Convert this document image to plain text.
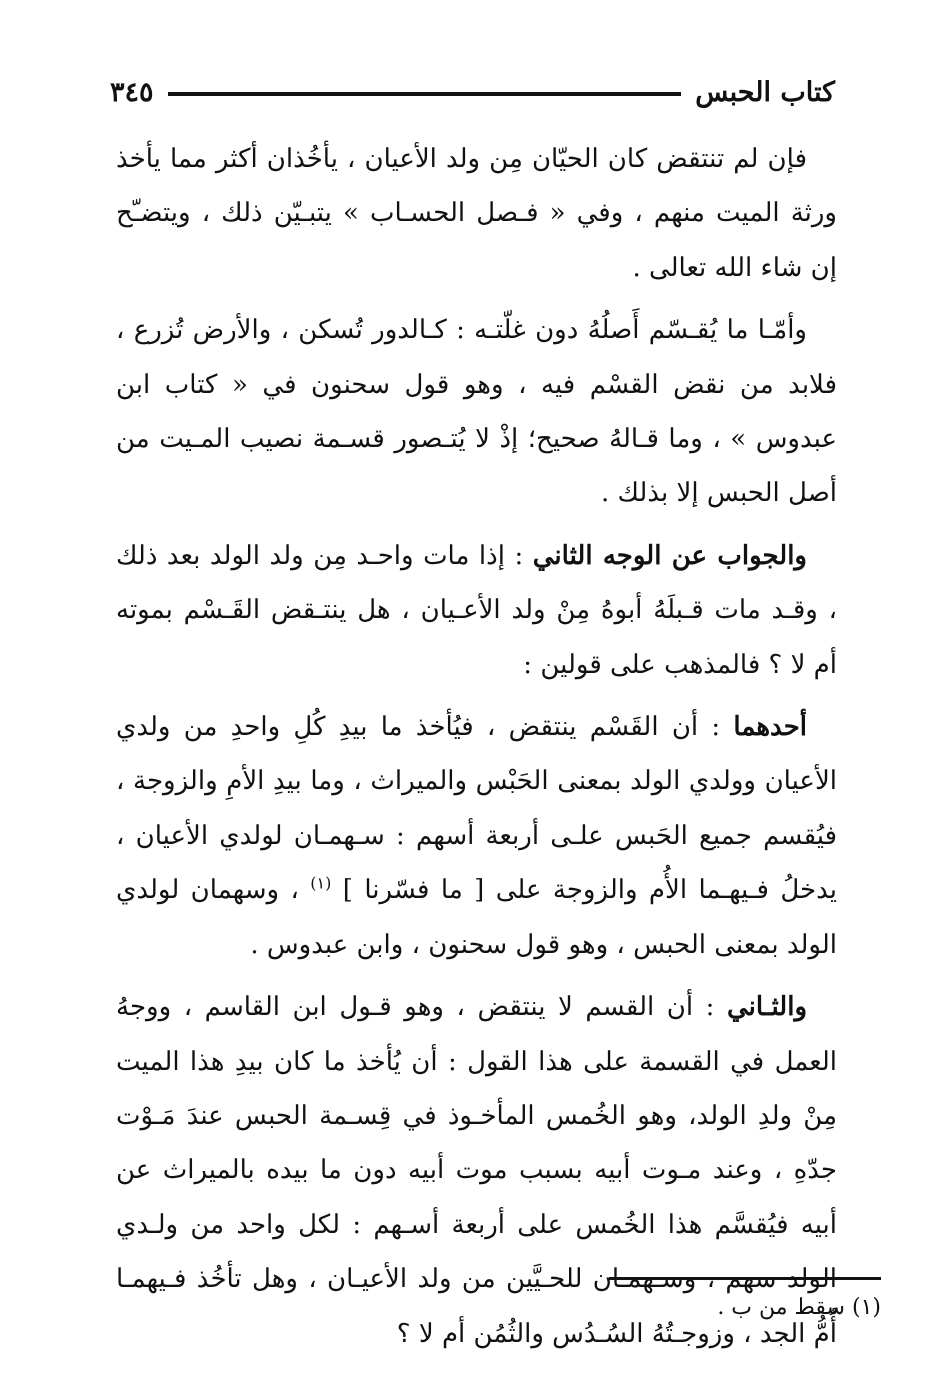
كتاب الحبس
٣٤٥

فإن لم تنتقض كان الحيّان مِن ولد الأعيان ، يأخُذان أكثر مما يأخذ ورثة الميت منهم ، وفي « فـصل الحسـاب » يتبـيّن ذلك ، ويتضـّح إن شاء الله تعالى .

وأمّـا ما يُقـسّم أَصلُهُ دون غلّتـه : كـالدور تُسكن ، والأرض تُزرع ، فلابد من نقض القسْم فيه ، وهو قول سحنون في « كتاب ابن عبدوس » ، وما قـالهُ صحيح؛ إذْ لا يُتـصور قسـمة نصيب المـيت من أصل الحبس إلا بذلك .

والجواب عن الوجه الثاني : إذا مات واحـد مِن ولد الولد بعد ذلك ، وقـد مات قـبلَهُ أبوهُ مِنْ ولد الأعـيان ، هل ينتـقض القَـسْم بموته أم لا ؟ فالمذهب على قولين :

أحدهما : أن القَسْم ينتقض ، فيُأخذ ما بيدِ كُلِ واحدِ من ولدي الأعيان وولدي الولد بمعنى الحَبْس والميراث ، وما بيدِ الأمِ والزوجة ، فيُقسم جميع الحَبس علـى أربعة أسهم : سـهمـان لولدي الأعيان ، يدخلُ فـيهـما الأُم والزوجة على [ ما فسّرنا ] $^{(١)}$ ، وسهمان لولدي الولد بمعنى الحبس ، وهو قول سحنون ، وابن عبدوس .

والثـاني : أن القسم لا ينتقض ، وهو قـول ابن القاسم ، ووجهُ العمل في القسمة على هذا القول : أن يُأخذ ما كان بيدِ هذا الميت مِنْ ولدِ الولد، وهو الخُمس المأخـوذ في قِسـمة الحبس عندَ مَـوْت جدّهِ ، وعند مـوت أبيه بسبب موت أبيه دون ما بيده بالميراث عن أبيه فيُقسَّم هذا الخُمس على أربعة أسـهم : لكل واحد من ولـدي الولد سهم ، وسـهمـان للحـيَّين من ولد الأعيـان ، وهل تأخُذ فـيهمـا أُمُّ الجد ، وزوجـتُهُ السُـدُس والثُمُن أم لا ؟

(١) سقط من ب .
